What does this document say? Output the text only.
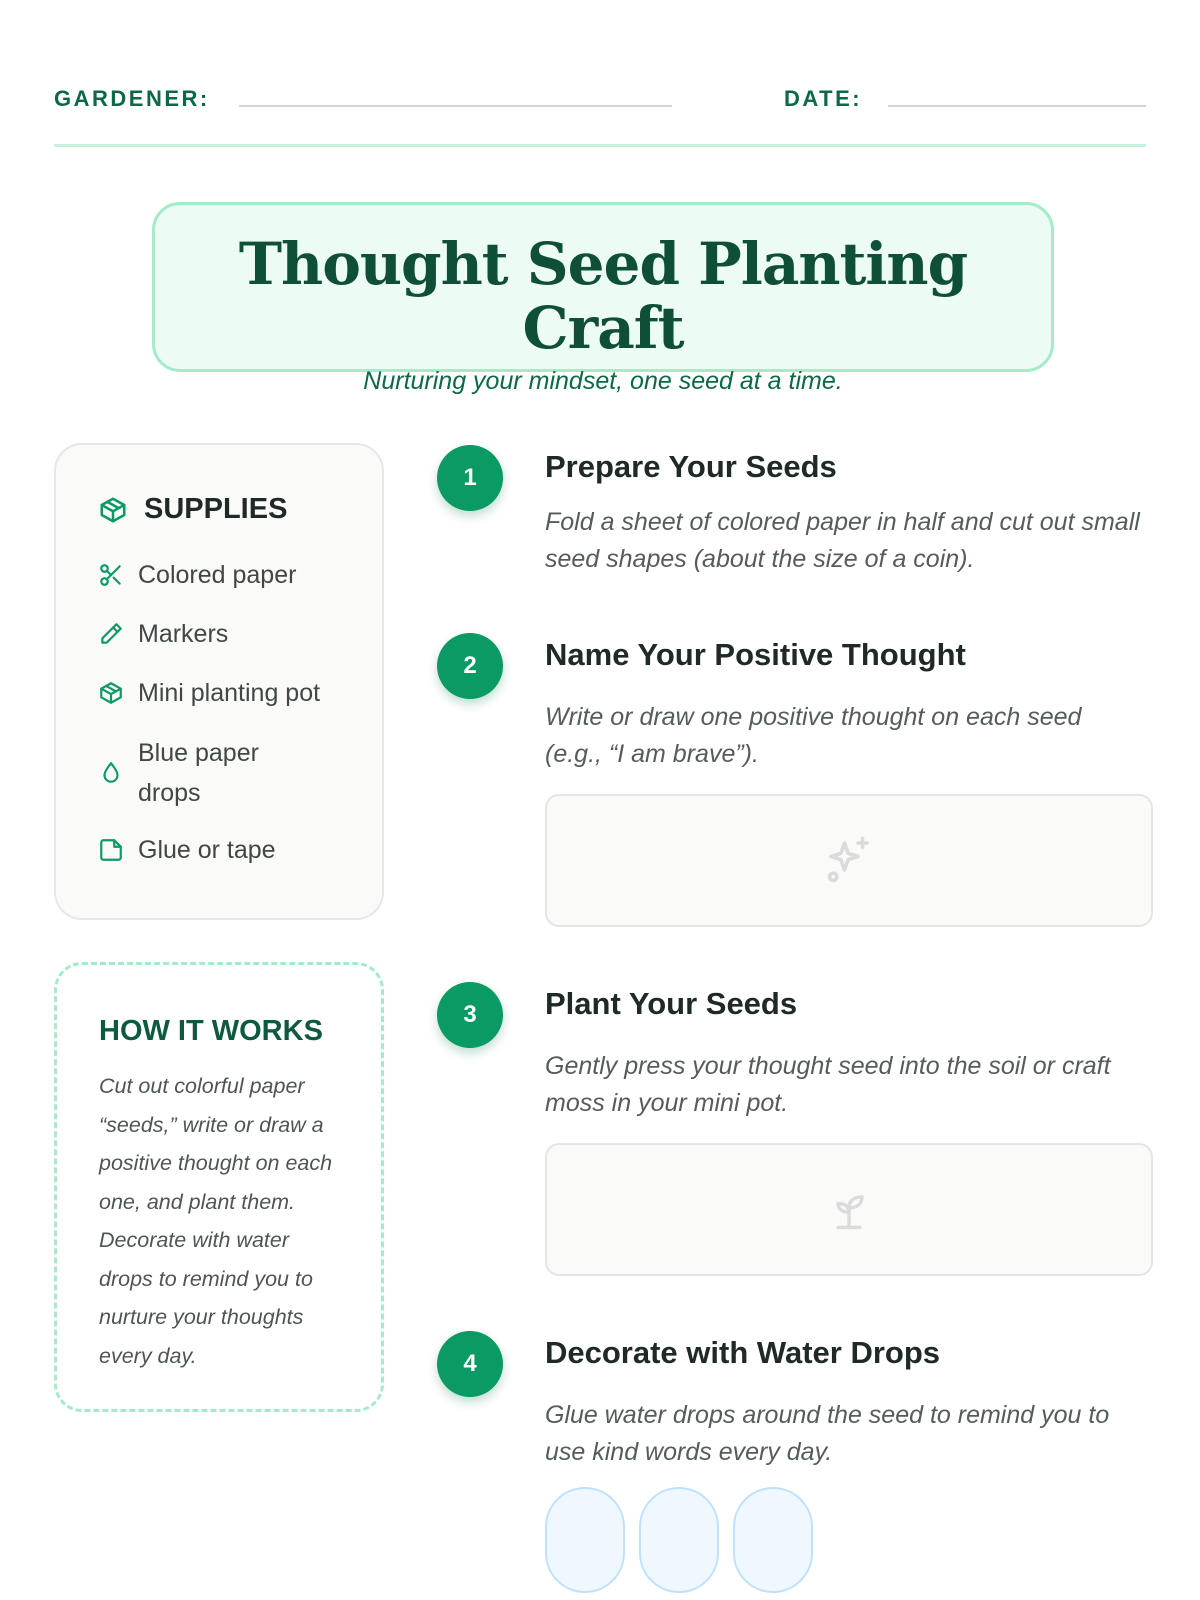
GARDENER:	DATE:
Thought Seed Planting Craft
Nurturing your mindset, one seed at a time.
SUPPLIES
Colored paper
Markers
Mini planting pot
Blue paper drops
Glue or tape
HOW IT WORKS
Cut out colorful paper “seeds,” write or draw a positive thought on each one, and plant them. Decorate with water drops to remind you to nurture your thoughts every day.
1	Prepare Your Seeds
Fold a sheet of colored paper in half and cut out small seed shapes (about the size of a coin).
2	Name Your Positive Thought
Write or draw one positive thought on each seed (e.g., “I am brave”).
3	Plant Your Seeds
Gently press your thought seed into the soil or craft moss in your mini pot.
4	Decorate with Water Drops
Glue water drops around the seed to remind you to use kind words every day.
